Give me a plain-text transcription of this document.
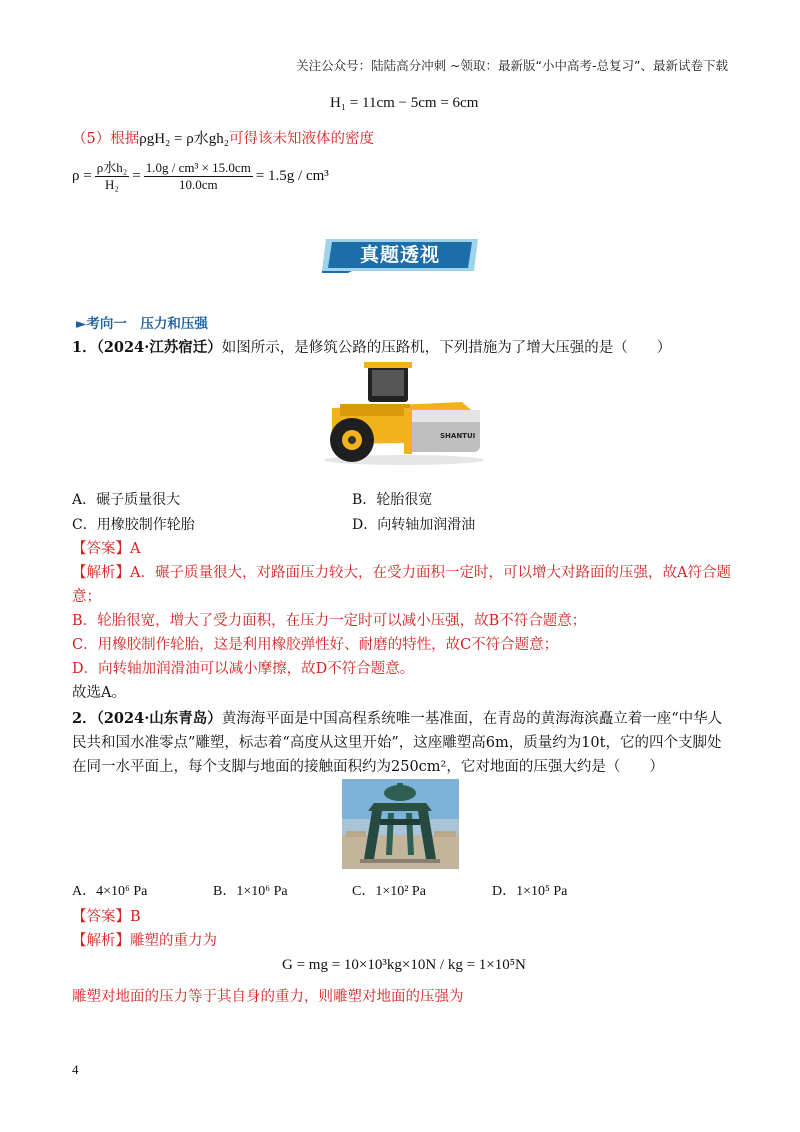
关注公众号：陆陆高分冲刺 ~领取：最新版“小中高考-总复习”、最新试卷下载
H₁ = 11cm − 5cm = 6cm
（5）根据ρgH₂ = ρ水gh₂可得该未知液体的密度
$\rho = \frac{\text{ρ水h₂}}{\text{H₂}} = \frac{\text{1.0g / cm³ × 15.0cm}}{10.0cm} = 1.5g / cm^3$
真题透视
►考向一　压力和压强
1．（2024·江苏宿迁）如图所示，是修筑公路的压路机，下列措施为了增大压强的是（　　）
SHANTUI
A．碾子质量很大	B．轮胎很宽
C．用橡胶制作轮胎	D．向转轴加润滑油
【答案】A
【解析】A．碾子质量很大，对路面压力较大，在受力面积一定时，可以增大对路面的压强，故A符合题
意；
B．轮胎很宽，增大了受力面积，在压力一定时可以减小压强，故B不符合题意；
C．用橡胶制作轮胎，这是利用橡胶弹性好、耐磨的特性，故C不符合题意；
D．向转轴加润滑油可以减小摩擦，故D不符合题意。
故选A。
2．（2024·山东青岛）黄海海平面是中国高程系统唯一基准面，在青岛的黄海海滨矗立着一座“中华人
民共和国水准零点”雕塑，标志着“高度从这里开始”，这座雕塑高6m，质量约为10t，它的四个支脚处
在同一水平面上，每个支脚与地面的接触面积约为250cm²，它对地面的压强大约是（　　）
A．4×10⁶ Pa	B．1×10⁶ Pa	C．1×10² Pa	D．1×10⁵ Pa
【答案】B
【解析】雕塑的重力为
G = mg = 10×10³kg×10N / kg = 1×10⁵N
雕塑对地面的压力等于其自身的重力，则雕塑对地面的压强为
4
